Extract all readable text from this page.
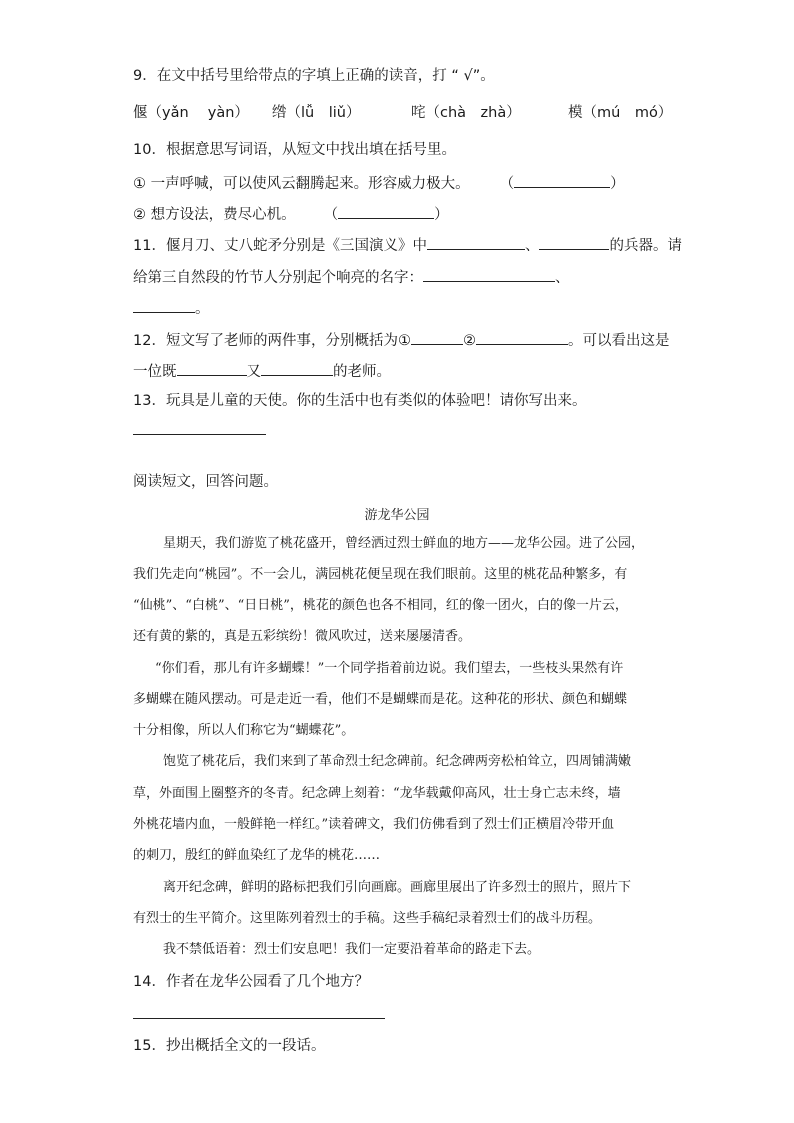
9．在文中括号里给带点的字填上正确的读音，打 “ √”。
偃（yǎn　 yàn） 绺（lǚ　liǔ）	咤（chà　zhà）	模（mú　mó）
10．根据意思写词语，从短文中找出填在括号里。
① 一声呼喊，可以使风云翻腾起来。形容威力极大。 （	）
② 想方设法，费尽心机。 （	）
11．偃月刀、丈八蛇矛分别是《三国演义》中	、	的兵器。请
给第三自然段的竹节人分别起个响亮的名字：	、
。
12．短文写了老师的两件事，分别概括为①	②	。可以看出这是
一位既	又	的老师。
13．玩具是儿童的天使。你的生活中也有类似的体验吧！请你写出来。
阅读短文，回答问题。
游龙华公园
星期天，我们游览了桃花盛开，曾经洒过烈士鲜血的地方——龙华公园。进了公园，
我们先走向“桃园”。不一会儿，满园桃花便呈现在我们眼前。这里的桃花品种繁多，有
“仙桃”、“白桃”、“日日桃”，桃花的颜色也各不相同，红的像一团火，白的像一片云，
还有黄的紫的，真是五彩缤纷！微风吹过，送来屡屡清香。
“你们看，那儿有许多蝴蝶！”一个同学指着前边说。我们望去，一些枝头果然有许
多蝴蝶在随风摆动。可是走近一看，他们不是蝴蝶而是花。这种花的形状、颜色和蝴蝶
十分相像，所以人们称它为“蝴蝶花”。
饱览了桃花后，我们来到了革命烈士纪念碑前。纪念碑两旁松柏耸立，四周铺满嫩
草，外面围上圈整齐的冬青。纪念碑上刻着：“龙华载戴仰高风，壮士身亡志未终，墙
外桃花墙内血，一般鲜艳一样红。”读着碑文，我们仿佛看到了烈士们正横眉冷带开血
的刺刀，殷红的鲜血染红了龙华的桃花……
离开纪念碑，鲜明的路标把我们引向画廊。画廊里展出了许多烈士的照片，照片下
有烈士的生平简介。这里陈列着烈士的手稿。这些手稿纪录着烈士们的战斗历程。
我不禁低语着：烈士们安息吧！我们一定要沿着革命的路走下去。
14．作者在龙华公园看了几个地方？
15．抄出概括全文的一段话。
